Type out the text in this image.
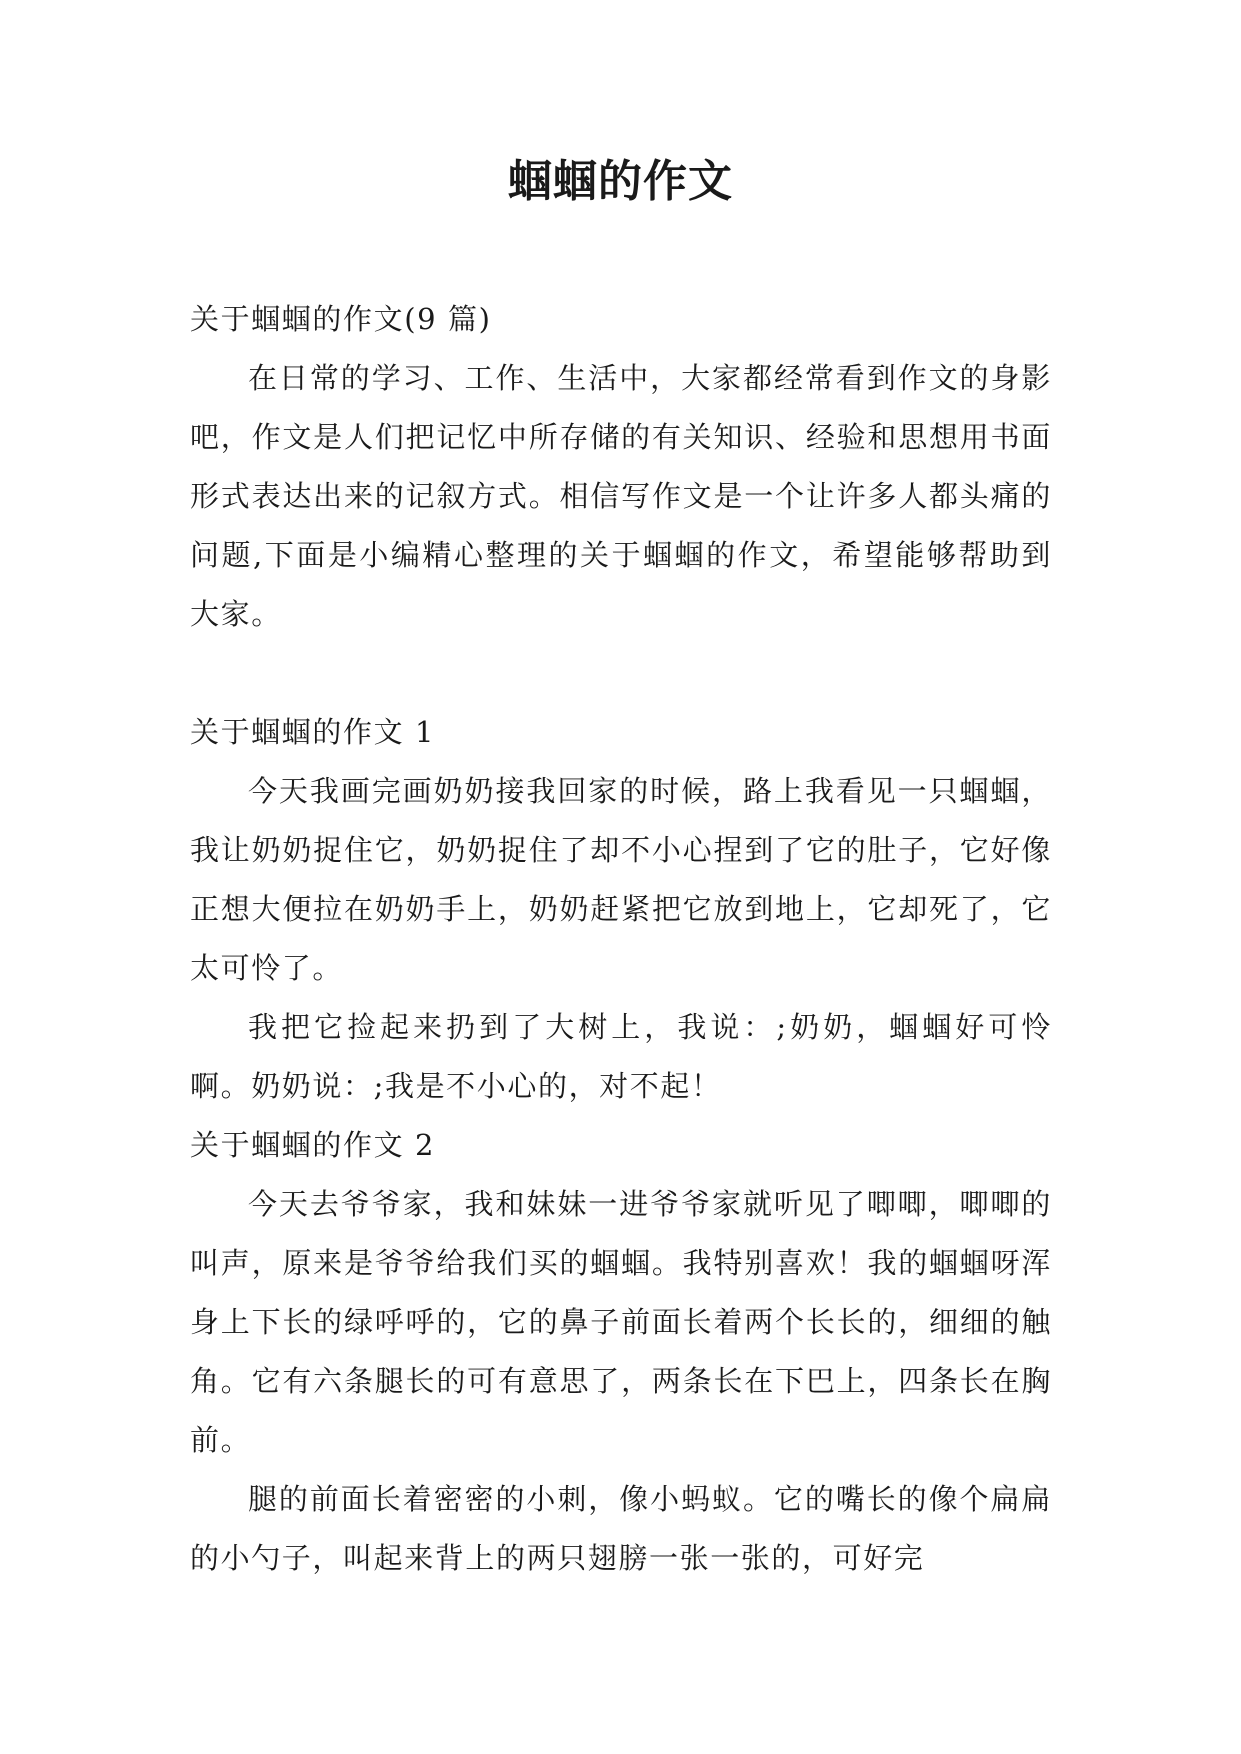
蝈蝈的作文

关于蝈蝈的作文(9 篇)

在日常的学习、工作、生活中，大家都经常看到作文的身影吧，作文是人们把记忆中所存储的有关知识、经验和思想用书面形式表达出来的记叙方式。相信写作文是一个让许多人都头痛的问题,下面是小编精心整理的关于蝈蝈的作文，希望能够帮助到大家。

关于蝈蝈的作文 1

今天我画完画奶奶接我回家的时候，路上我看见一只蝈蝈，我让奶奶捉住它，奶奶捉住了却不小心捏到了它的肚子，它好像正想大便拉在奶奶手上，奶奶赶紧把它放到地上，它却死了，它太可怜了。

我把它捡起来扔到了大树上，我说：;奶奶，蝈蝈好可怜啊。奶奶说：;我是不小心的，对不起！

关于蝈蝈的作文 2

今天去爷爷家，我和妹妹一进爷爷家就听见了唧唧，唧唧的叫声，原来是爷爷给我们买的蝈蝈。我特别喜欢！我的蝈蝈呀浑身上下长的绿呼呼的，它的鼻子前面长着两个长长的，细细的触角。它有六条腿长的可有意思了，两条长在下巴上，四条长在胸前。

腿的前面长着密密的小刺，像小蚂蚁。它的嘴长的像个扁扁的小勺子，叫起来背上的两只翅膀一张一张的，可好完
